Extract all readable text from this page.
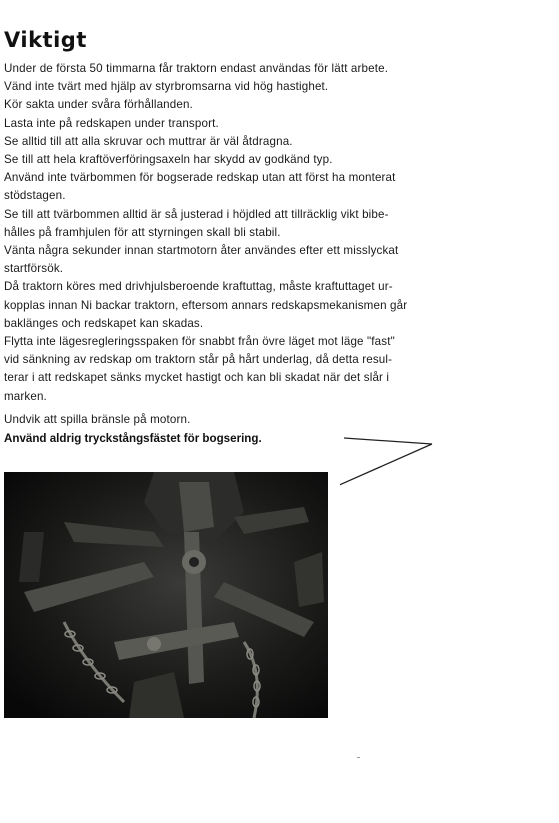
Viktigt
Under de första 50 timmarna får traktorn endast användas för lätt arbete.
Vänd inte tvärt med hjälp av styrbromsarna vid hög hastighet.
Kör sakta under svåra förhållanden.
Lasta inte på redskapen under transport.
Se alltid till att alla skruvar och muttrar är väl åtdragna.
Se till att hela kraftöverföringsaxeln har skydd av godkänd typ.
Använd inte tvärbommen för bogserade redskap utan att först ha monterat
stödstagen.
Se till att tvärbommen alltid är så justerad i höjdled att tillräcklig vikt bibe-
hålles på framhjulen för att styrningen skall bli stabil.
Vänta några sekunder innan startmotorn åter användes efter ett misslyckat
startförsök.
Då traktorn köres med drivhjulsberoende kraftuttag, måste kraftuttaget ur-
kopplas innan Ni backar traktorn, eftersom annars redskapsmekanismen går
baklänges och redskapet kan skadas.
Flytta inte lägesregleringsspaken för snabbt från övre läget mot läge "fast"
vid sänkning av redskap om traktorn står på hårt underlag, då detta resul-
terar i att redskapet sänks mycket hastigt och kan bli skadat när det slår i
marken.
Undvik att spilla bränsle på motorn.
Använd aldrig tryckstångsfästet för bogsering.
